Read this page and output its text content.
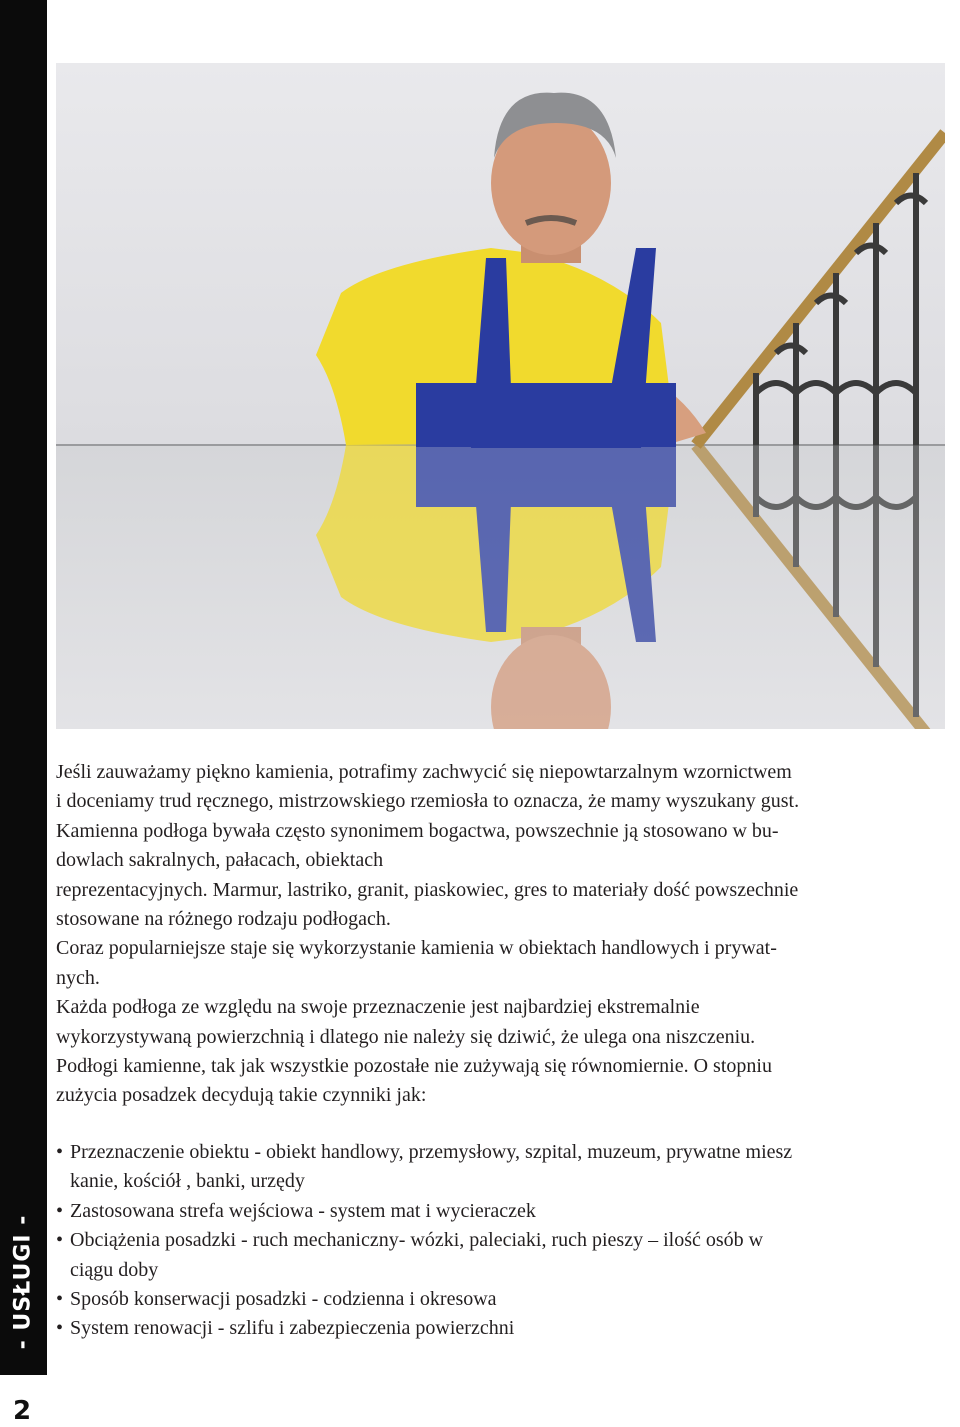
- USŁUGI -
2

Jeśli zauważamy piękno kamienia, potrafimy zachwycić się niepowtarzalnym wzornictwem

i doceniamy trud ręcznego, mistrzowskiego rzemiosła to oznacza, że mamy wyszukany gust.

Kamienna podłoga bywała często synonimem bogactwa, powszechnie ją stosowano w bu-

dowlach sakralnych, pałacach, obiektach

reprezentacyjnych. Marmur, lastriko, granit, piaskowiec, gres to materiały dość powszechnie

stosowane na różnego rodzaju podłogach.

Coraz popularniejsze staje się wykorzystanie kamienia w obiektach handlowych i prywat-

nych.

Każda podłoga ze względu na swoje przeznaczenie jest najbardziej ekstremalnie

wykorzystywaną powierzchnią i dlatego nie należy się dziwić, że ulega ona niszczeniu.

Podłogi kamienne, tak jak wszystkie pozostałe nie zużywają się równomiernie. O stopniu

zużycia posadzek decydują takie czynniki jak:

• Przeznaczenie obiektu - obiekt handlowy, przemysłowy, szpital, muzeum, prywatne miesz
kanie, kościół , banki, urzędy
• Zastosowana strefa wejściowa - system mat i wycieraczek
• Obciążenia posadzki - ruch mechaniczny- wózki, paleciaki, ruch pieszy – ilość osób w
ciągu doby
• Sposób konserwacji posadzki - codzienna i okresowa
• System renowacji - szlifu i zabezpieczenia powierzchni
